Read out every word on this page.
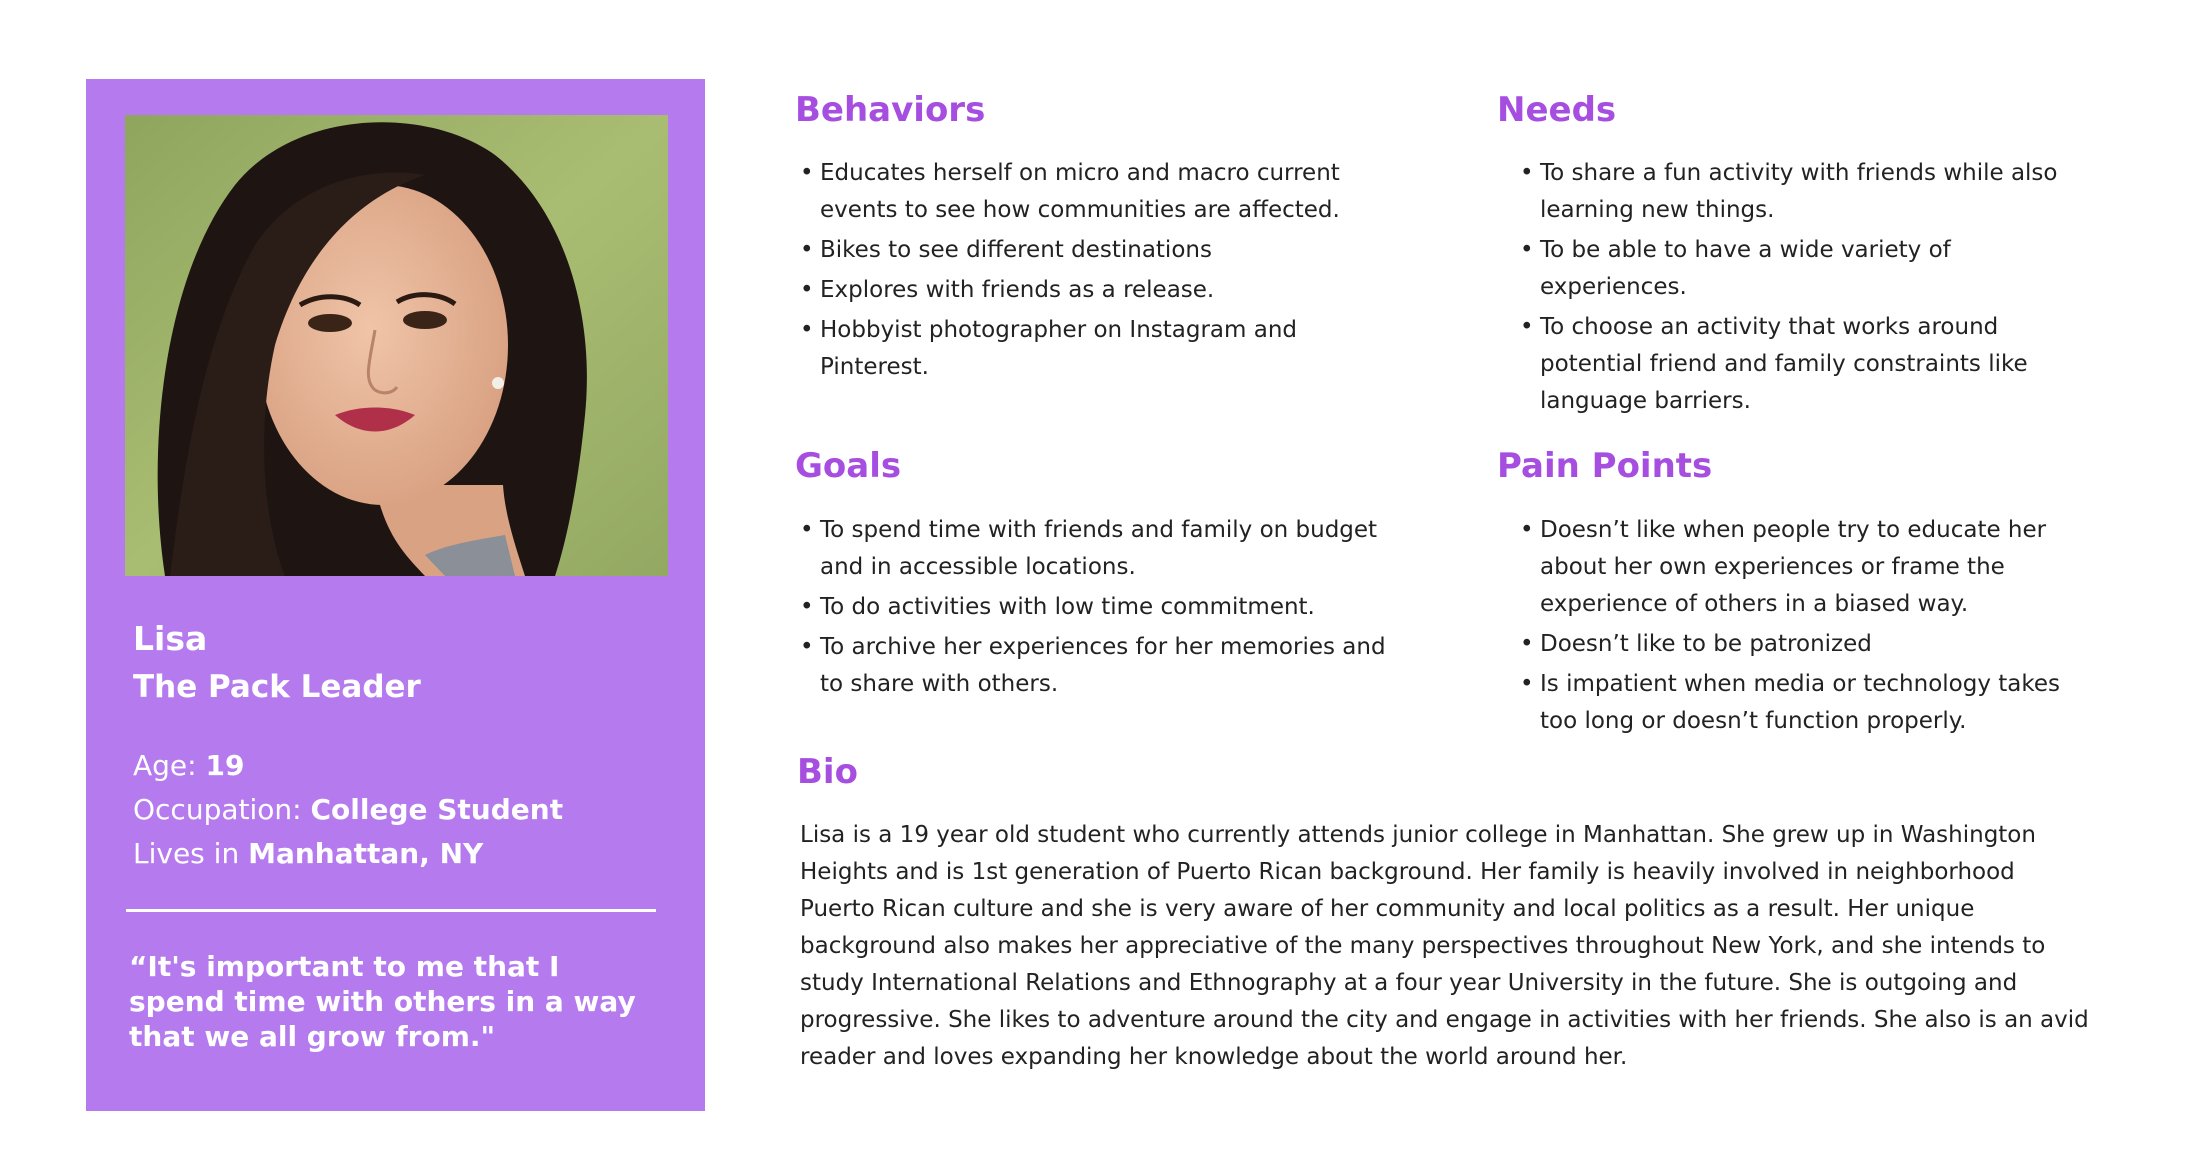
Lisa
The Pack Leader
Age: 19
Occupation: College Student
Lives in Manhattan, NY
“It's important to me that I spend time with others in a way that we all grow from."
Behaviors
• Educates herself on micro and macro current events to see how communities are affected.
• Bikes to see different destinations
• Explores with friends as a release.
• Hobbyist photographer on Instagram and Pinterest.
Needs
• To share a fun activity with friends while also learning new things.
• To be able to have a wide variety of experiences.
• To choose an activity that works around potential friend and family constraints like language barriers.
Goals
• To spend time with friends and family on budget and in accessible locations.
• To do activities with low time commitment.
• To archive her experiences for her memories and to share with others.
Pain Points
• Doesn’t like when people try to educate her about her own experiences or frame the experience of others in a biased way.
• Doesn’t like to be patronized
• Is impatient when media or technology takes too long or doesn’t function properly.
Bio

Lisa is a 19 year old student who currently attends junior college in Manhattan. She grew up in Washington Heights and is 1st generation of Puerto Rican background. Her family is heavily involved in neighborhood Puerto Rican culture and she is very aware of her community and local politics as a result. Her unique background also makes her appreciative of the many perspectives throughout New York, and she intends to study International Relations and Ethnography at a four year University in the future. She is outgoing and progressive. She likes to adventure around the city and engage in activities with her friends. She also is an avid reader and loves expanding her knowledge about the world around her.
